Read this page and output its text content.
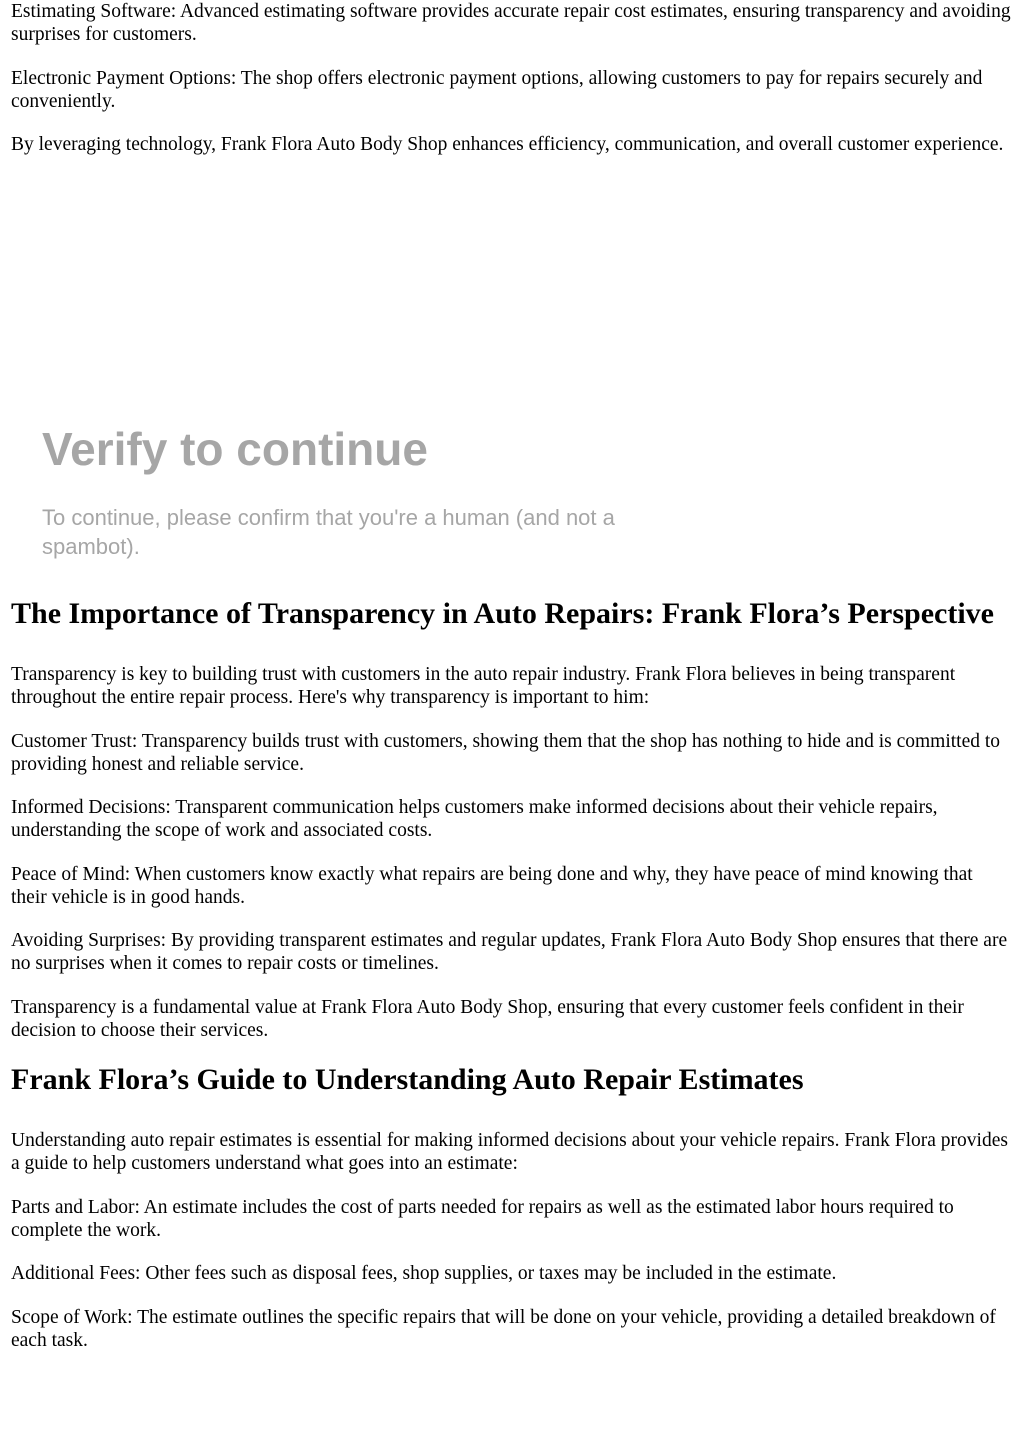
Estimating Software: Advanced estimating software provides accurate repair cost estimates, ensuring transparency and avoiding surprises for customers.

Electronic Payment Options: The shop offers electronic payment options, allowing customers to pay for repairs securely and conveniently.

By leveraging technology, Frank Flora Auto Body Shop enhances efficiency, communication, and overall customer experience.

Verify to continue

To continue, please confirm that you're a human (and not a spambot).

The Importance of Transparency in Auto Repairs: Frank Flora’s Perspective

Transparency is key to building trust with customers in the auto repair industry. Frank Flora believes in being transparent throughout the entire repair process. Here's why transparency is important to him:

Customer Trust: Transparency builds trust with customers, showing them that the shop has nothing to hide and is committed to providing honest and reliable service.

Informed Decisions: Transparent communication helps customers make informed decisions about their vehicle repairs, understanding the scope of work and associated costs.

Peace of Mind: When customers know exactly what repairs are being done and why, they have peace of mind knowing that their vehicle is in good hands.

Avoiding Surprises: By providing transparent estimates and regular updates, Frank Flora Auto Body Shop ensures that there are no surprises when it comes to repair costs or timelines.

Transparency is a fundamental value at Frank Flora Auto Body Shop, ensuring that every customer feels confident in their decision to choose their services.

Frank Flora’s Guide to Understanding Auto Repair Estimates

Understanding auto repair estimates is essential for making informed decisions about your vehicle repairs. Frank Flora provides a guide to help customers understand what goes into an estimate:

Parts and Labor: An estimate includes the cost of parts needed for repairs as well as the estimated labor hours required to complete the work.

Additional Fees: Other fees such as disposal fees, shop supplies, or taxes may be included in the estimate.

Scope of Work: The estimate outlines the specific repairs that will be done on your vehicle, providing a detailed breakdown of each task.
